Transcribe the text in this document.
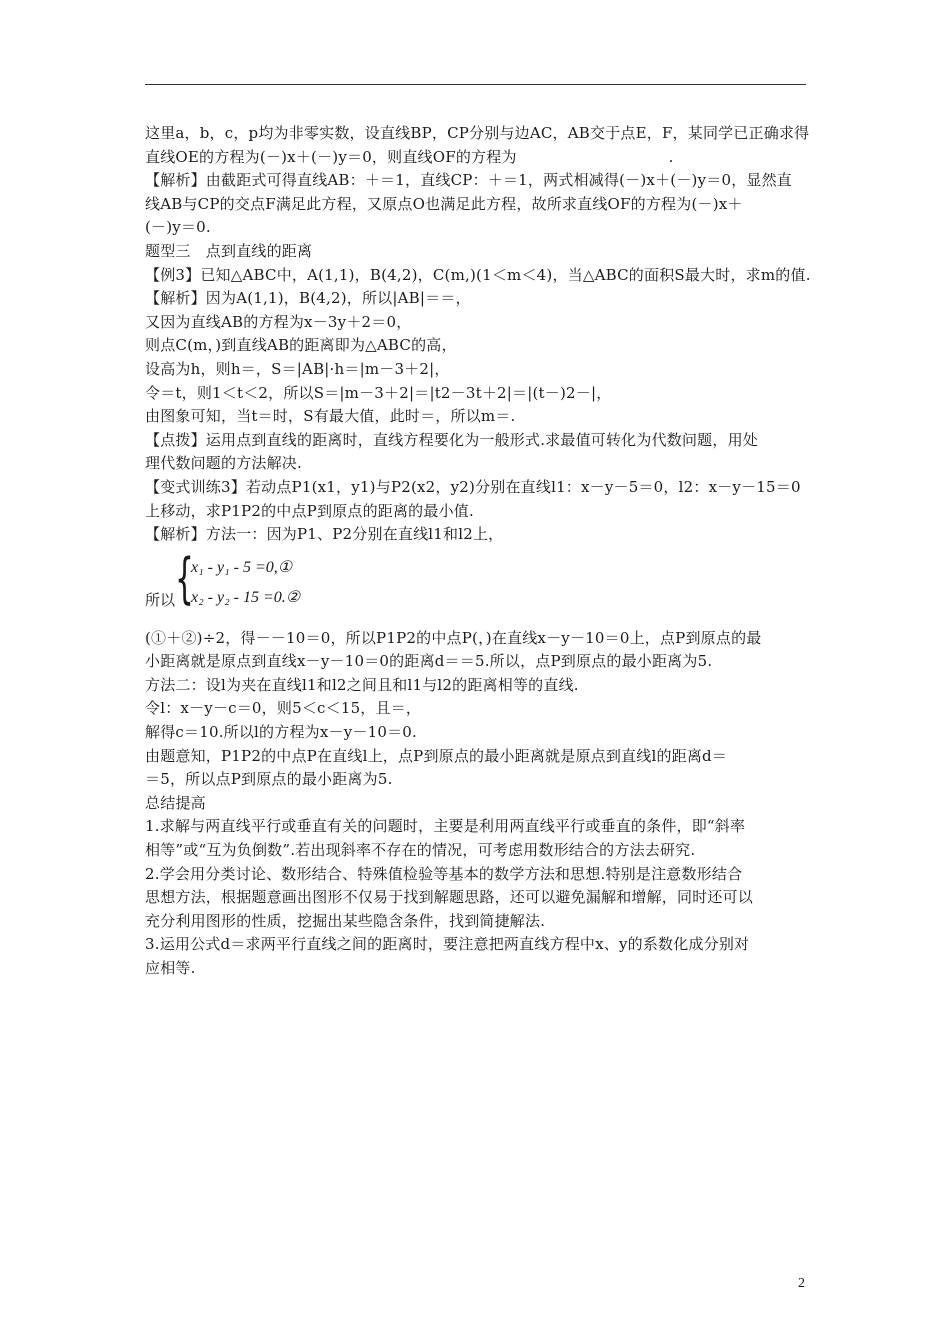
这里a，b，c，p均为非零实数，设直线BP，CP分别与边AC，AB交于点E，F，某同学已正确求得
直线OE的方程为(－)x＋(－)y＝0，则直线OF的方程为　　　　　　　　　　.
【解析】由截距式可得直线AB：＋＝1，直线CP：＋＝1，两式相减得(－)x＋(－)y＝0，显然直
线AB与CP的交点F满足此方程，又原点O也满足此方程，故所求直线OF的方程为(－)x＋
(－)y＝0.
题型三　点到直线的距离
【例3】已知△ABC中，A(1,1)，B(4,2)，C(m,)(1＜m＜4)，当△ABC的面积S最大时，求m的值.
【解析】因为A(1,1)，B(4,2)，所以|AB|＝＝，
又因为直线AB的方程为x－3y＋2＝0，
则点C(m，)到直线AB的距离即为△ABC的高，
设高为h，则h＝，S＝|AB|·h＝|m－3＋2|，
令＝t，则1＜t＜2，所以S＝|m－3＋2|＝|t2－3t＋2|＝|(t－)2－|，
由图象可知，当t＝时，S有最大值，此时＝，所以m＝.
【点拨】运用点到直线的距离时，直线方程要化为一般形式.求最值可转化为代数问题，用处
理代数问题的方法解决.
【变式训练3】若动点P1(x1，y1)与P2(x2，y2)分别在直线l1：x－y－5＝0，l2：x－y－15＝0
上移动，求P1P2的中点P到原点的距离的最小值.
【解析】方法一：因为P1、P2分别在直线l1和l2上，
所以 {
x₁ - y₁ - 5 =0,①
x₂ - y₂ - 15 =0.②
(①＋②)÷2，得－－10＝0，所以P1P2的中点P(，)在直线x－y－10＝0上，点P到原点的最
小距离就是原点到直线x－y－10＝0的距离d＝＝5.所以，点P到原点的最小距离为5.
方法二：设l为夹在直线l1和l2之间且和l1与l2的距离相等的直线.
令l：x－y－c＝0，则5＜c＜15，且＝，
解得c＝10.所以l的方程为x－y－10＝0.
由题意知，P1P2的中点P在直线l上，点P到原点的最小距离就是原点到直线l的距离d＝
＝5，所以点P到原点的最小距离为5.
总结提高
1.求解与两直线平行或垂直有关的问题时，主要是利用两直线平行或垂直的条件，即“斜率
相等”或“互为负倒数”.若出现斜率不存在的情况，可考虑用数形结合的方法去研究.
2.学会用分类讨论、数形结合、特殊值检验等基本的数学方法和思想.特别是注意数形结合
思想方法，根据题意画出图形不仅易于找到解题思路，还可以避免漏解和增解，同时还可以
充分利用图形的性质，挖掘出某些隐含条件，找到简捷解法.
3.运用公式d＝求两平行直线之间的距离时，要注意把两直线方程中x、y的系数化成分别对
应相等.
2
